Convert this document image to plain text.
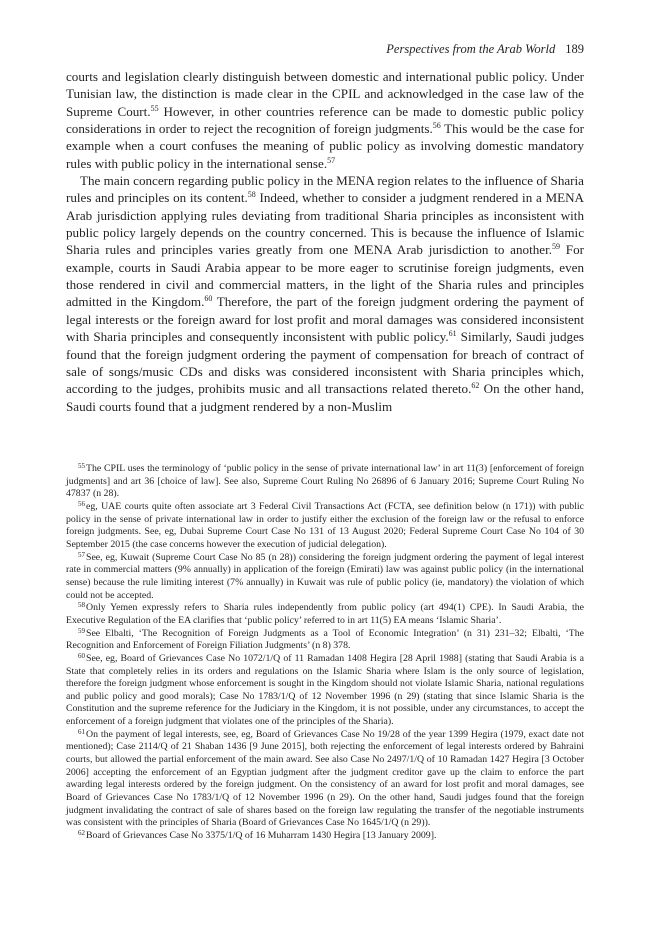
Perspectives from the Arab World 189

courts and legislation clearly distinguish between domestic and international public policy. Under Tunisian law, the distinction is made clear in the CPIL and acknowledged in the case law of the Supreme Court.$^{55}$ However, in other countries reference can be made to domestic public policy considerations in order to reject the recognition of foreign judgments.$^{56}$ This would be the case for example when a court confuses the meaning of public policy as involving domestic mandatory rules with public policy in the international sense.$^{57}$

The main concern regarding public policy in the MENA region relates to the influence of Sharia rules and principles on its content.$^{58}$ Indeed, whether to consider a judgment rendered in a MENA Arab jurisdiction applying rules deviating from traditional Sharia principles as inconsistent with public policy largely depends on the country concerned. This is because the influence of Islamic Sharia rules and principles varies greatly from one MENA Arab jurisdiction to another.$^{59}$ For example, courts in Saudi Arabia appear to be more eager to scrutinise foreign judgments, even those rendered in civil and commercial matters, in the light of the Sharia rules and principles admitted in the Kingdom.$^{60}$ Therefore, the part of the foreign judgment ordering the payment of legal interests or the foreign award for lost profit and moral damages was considered inconsistent with Sharia principles and consequently inconsistent with public policy.$^{61}$ Similarly, Saudi judges found that the foreign judgment ordering the payment of compensation for breach of contract of sale of songs/music CDs and disks was considered inconsistent with Sharia principles which, according to the judges, prohibits music and all transactions related thereto.$^{62}$ On the other hand, Saudi courts found that a judgment rendered by a non-Muslim

$^{55}$The CPIL uses the terminology of ‘public policy in the sense of private international law’ in art 11(3) [enforcement of foreign judgments] and art 36 [choice of law]. See also, Supreme Court Ruling No 26896 of 6 January 2016; Supreme Court Ruling No 47837 (n 28).

$^{56}$eg, UAE courts quite often associate art 3 Federal Civil Transactions Act (FCTA, see definition below (n 171)) with public policy in the sense of private international law in order to justify either the exclusion of the foreign law or the refusal to enforce foreign judgments. See, eg, Dubai Supreme Court Case No 131 of 13 August 2020; Federal Supreme Court Case No 104 of 30 September 2015 (the case concerns however the execution of judicial delegation).

$^{57}$See, eg, Kuwait (Supreme Court Case No 85 (n 28)) considering the foreign judgment ordering the payment of legal interest rate in commercial matters (9% annually) in application of the foreign (Emirati) law was against public policy (in the international sense) because the rule limiting interest (7% annually) in Kuwait was rule of public policy (ie, mandatory) the violation of which could not be accepted.

$^{58}$Only Yemen expressly refers to Sharia rules independently from public policy (art 494(1) CPE). In Saudi Arabia, the Executive Regulation of the EA clarifies that ‘public policy’ referred to in art 11(5) EA means ‘Islamic Sharia’.

$^{59}$See Elbalti, ‘The Recognition of Foreign Judgments as a Tool of Economic Integration’ (n 31) 231–32; Elbalti, ‘The Recognition and Enforcement of Foreign Filiation Judgments’ (n 8) 378.

$^{60}$See, eg, Board of Grievances Case No 1072/1/Q of 11 Ramadan 1408 Hegira [28 April 1988] (stating that Saudi Arabia is a State that completely relies in its orders and regulations on the Islamic Sharia where Islam is the only source of legislation, therefore the foreign judgment whose enforcement is sought in the Kingdom should not violate Islamic Sharia, national regulations and public policy and good morals); Case No 1783/1/Q of 12 November 1996 (n 29) (stating that since Islamic Sharia is the Constitution and the supreme reference for the Judiciary in the Kingdom, it is not possible, under any circumstances, to accept the enforcement of a foreign judgment that violates one of the principles of the Sharia).

$^{61}$On the payment of legal interests, see, eg, Board of Grievances Case No 19/28 of the year 1399 Hegira (1979, exact date not mentioned); Case 2114/Q of 21 Shaban 1436 [9 June 2015], both rejecting the enforcement of legal interests ordered by Bahraini courts, but allowed the partial enforcement of the main award. See also Case No 2497/1/Q of 10 Ramadan 1427 Hegira [3 October 2006] accepting the enforcement of an Egyptian judgment after the judgment creditor gave up the claim to enforce the part awarding legal interests ordered by the foreign judgment. On the consistency of an award for lost profit and moral damages, see Board of Grievances Case No 1783/1/Q of 12 November 1996 (n 29). On the other hand, Saudi judges found that the foreign judgment invalidating the contract of sale of shares based on the foreign law regulating the transfer of the negotiable instruments was consistent with the principles of Sharia (Board of Grievances Case No 1645/1/Q (n 29)).

$^{62}$Board of Grievances Case No 3375/1/Q of 16 Muharram 1430 Hegira [13 January 2009].
